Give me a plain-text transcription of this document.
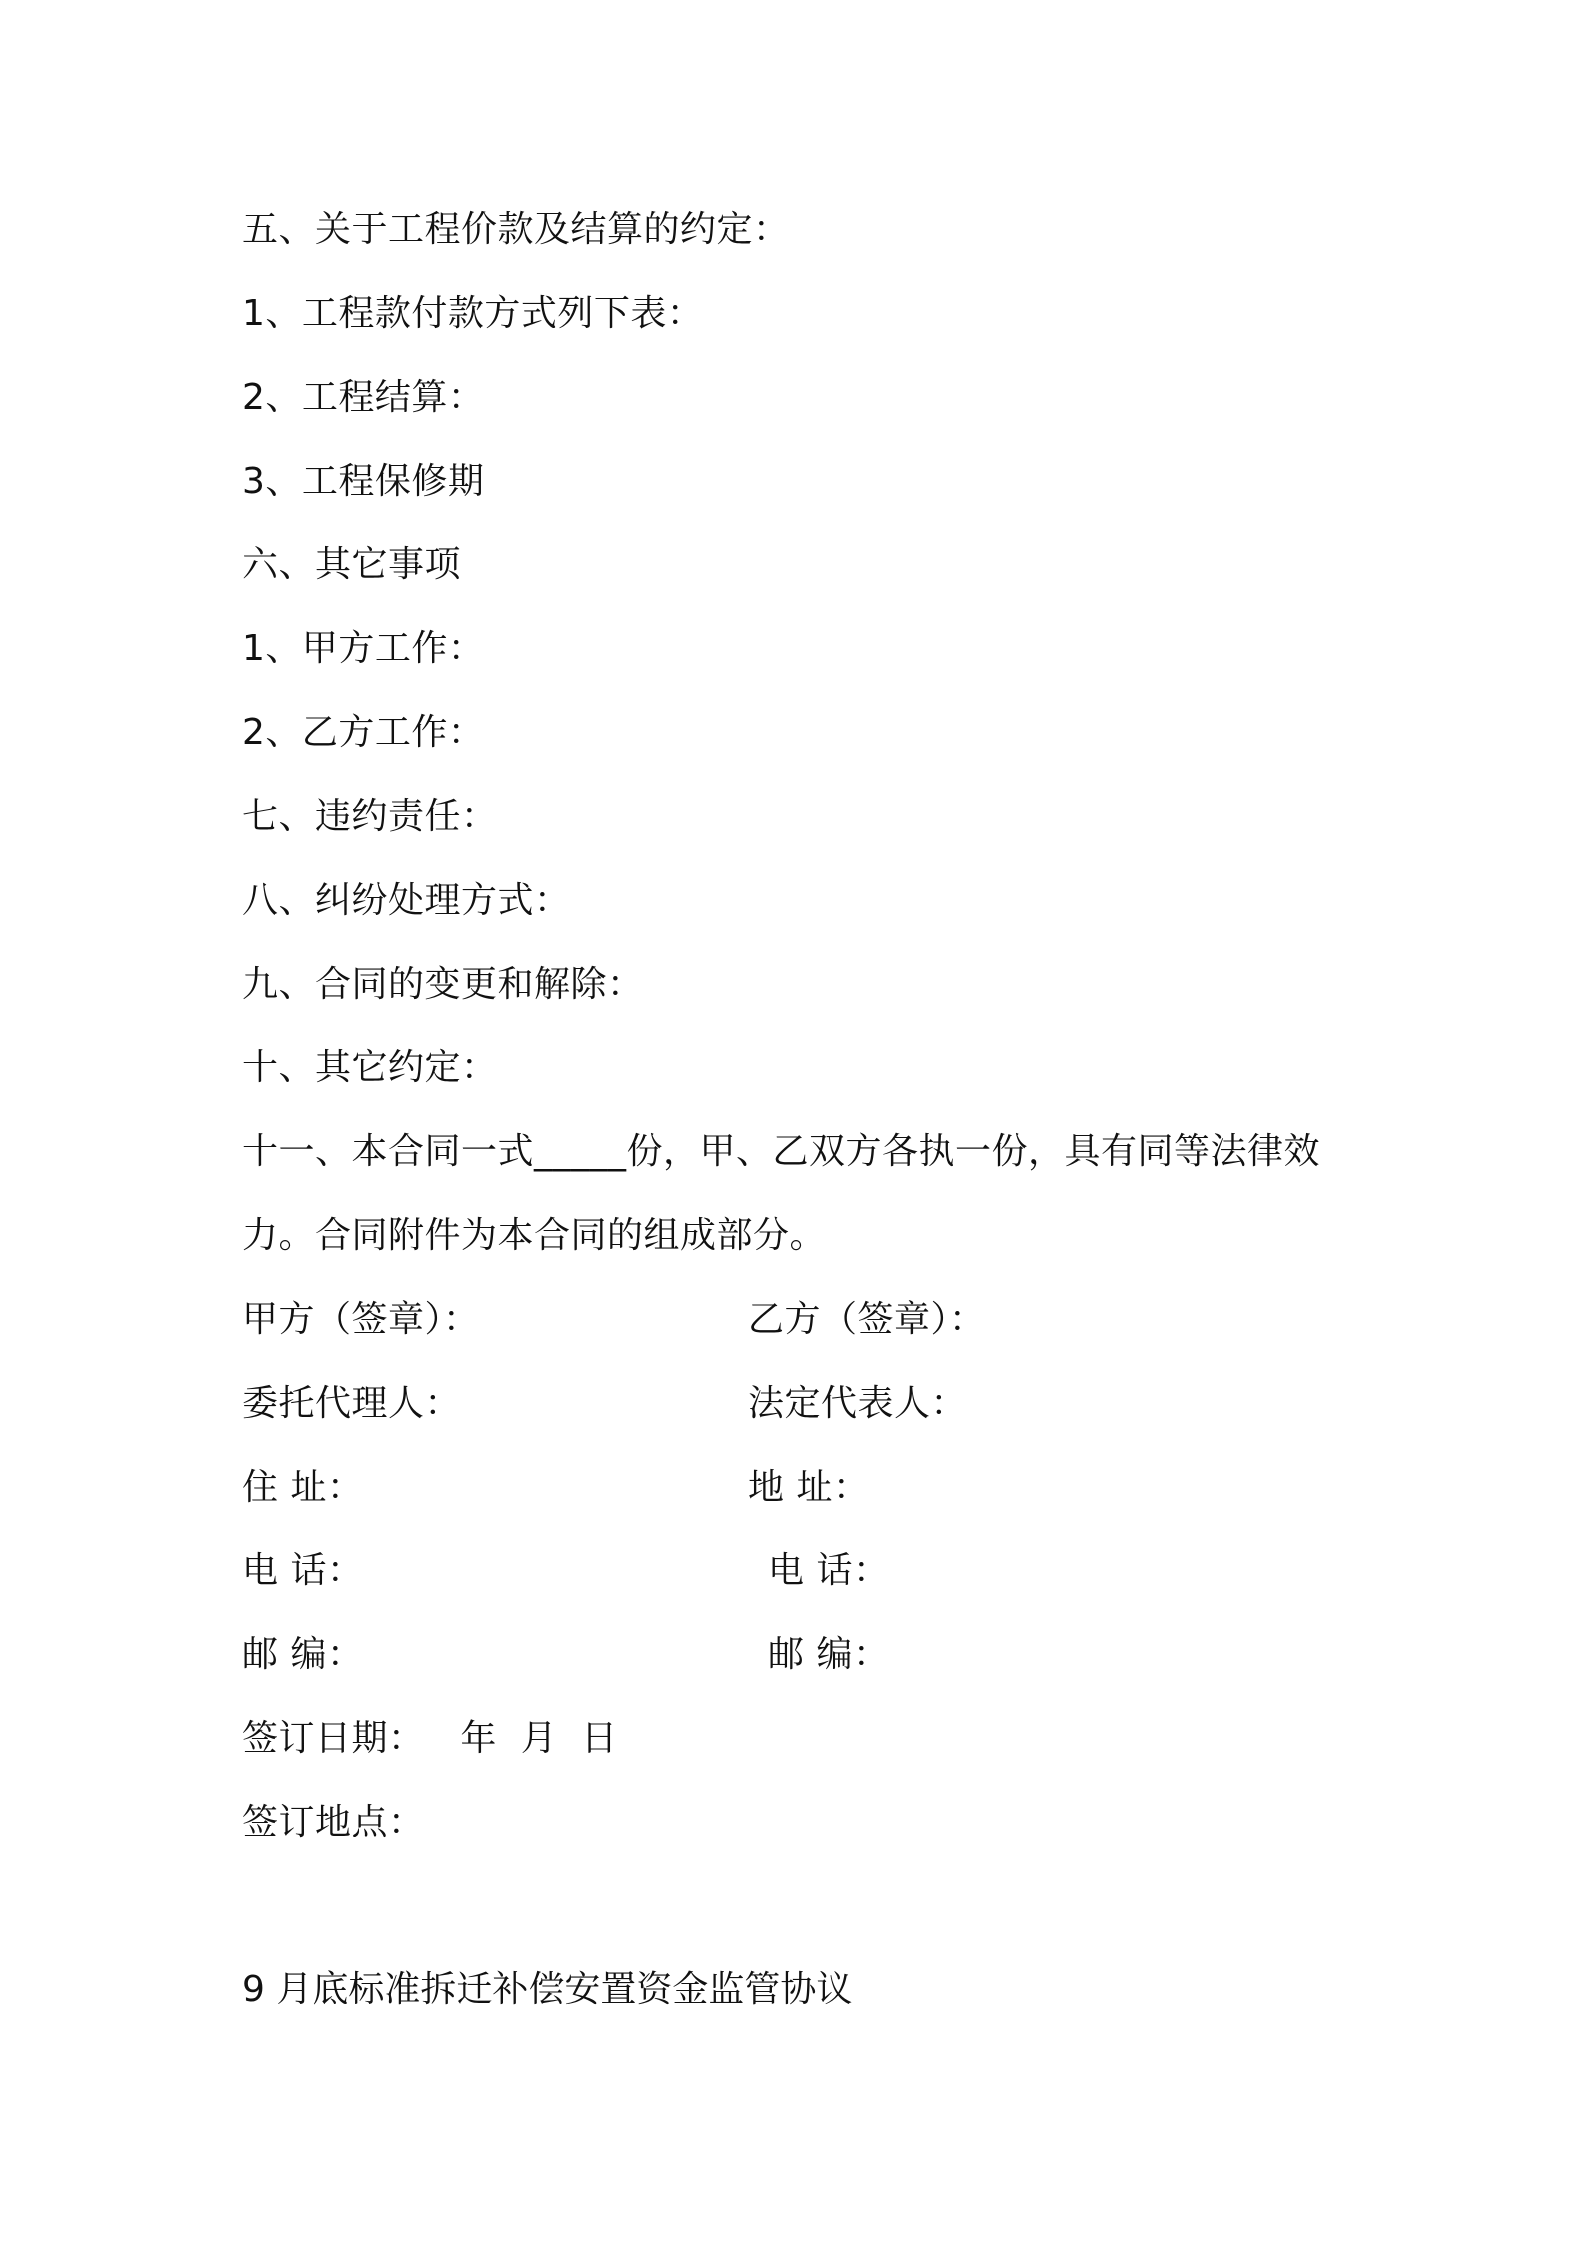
五、关于工程价款及结算的约定：
1、工程款付款方式列下表：
2、工程结算：
3、工程保修期
六、其它事项
1、甲方工作：
2、乙方工作：
七、违约责任：
八、纠纷处理方式：
九、合同的变更和解除：
十、其它约定：
十一、本合同一式_____份，甲、乙双方各执一份，具有同等法律效
力。合同附件为本合同的组成部分。
甲方（签章）：	乙方（签章）：
委托代理人：	法定代表人：
住 址：	地 址：
电 话：	电 话：
邮 编：	邮 编：
签订日期：   年  月  日
签订地点：
9 月底标准拆迁补偿安置资金监管协议
